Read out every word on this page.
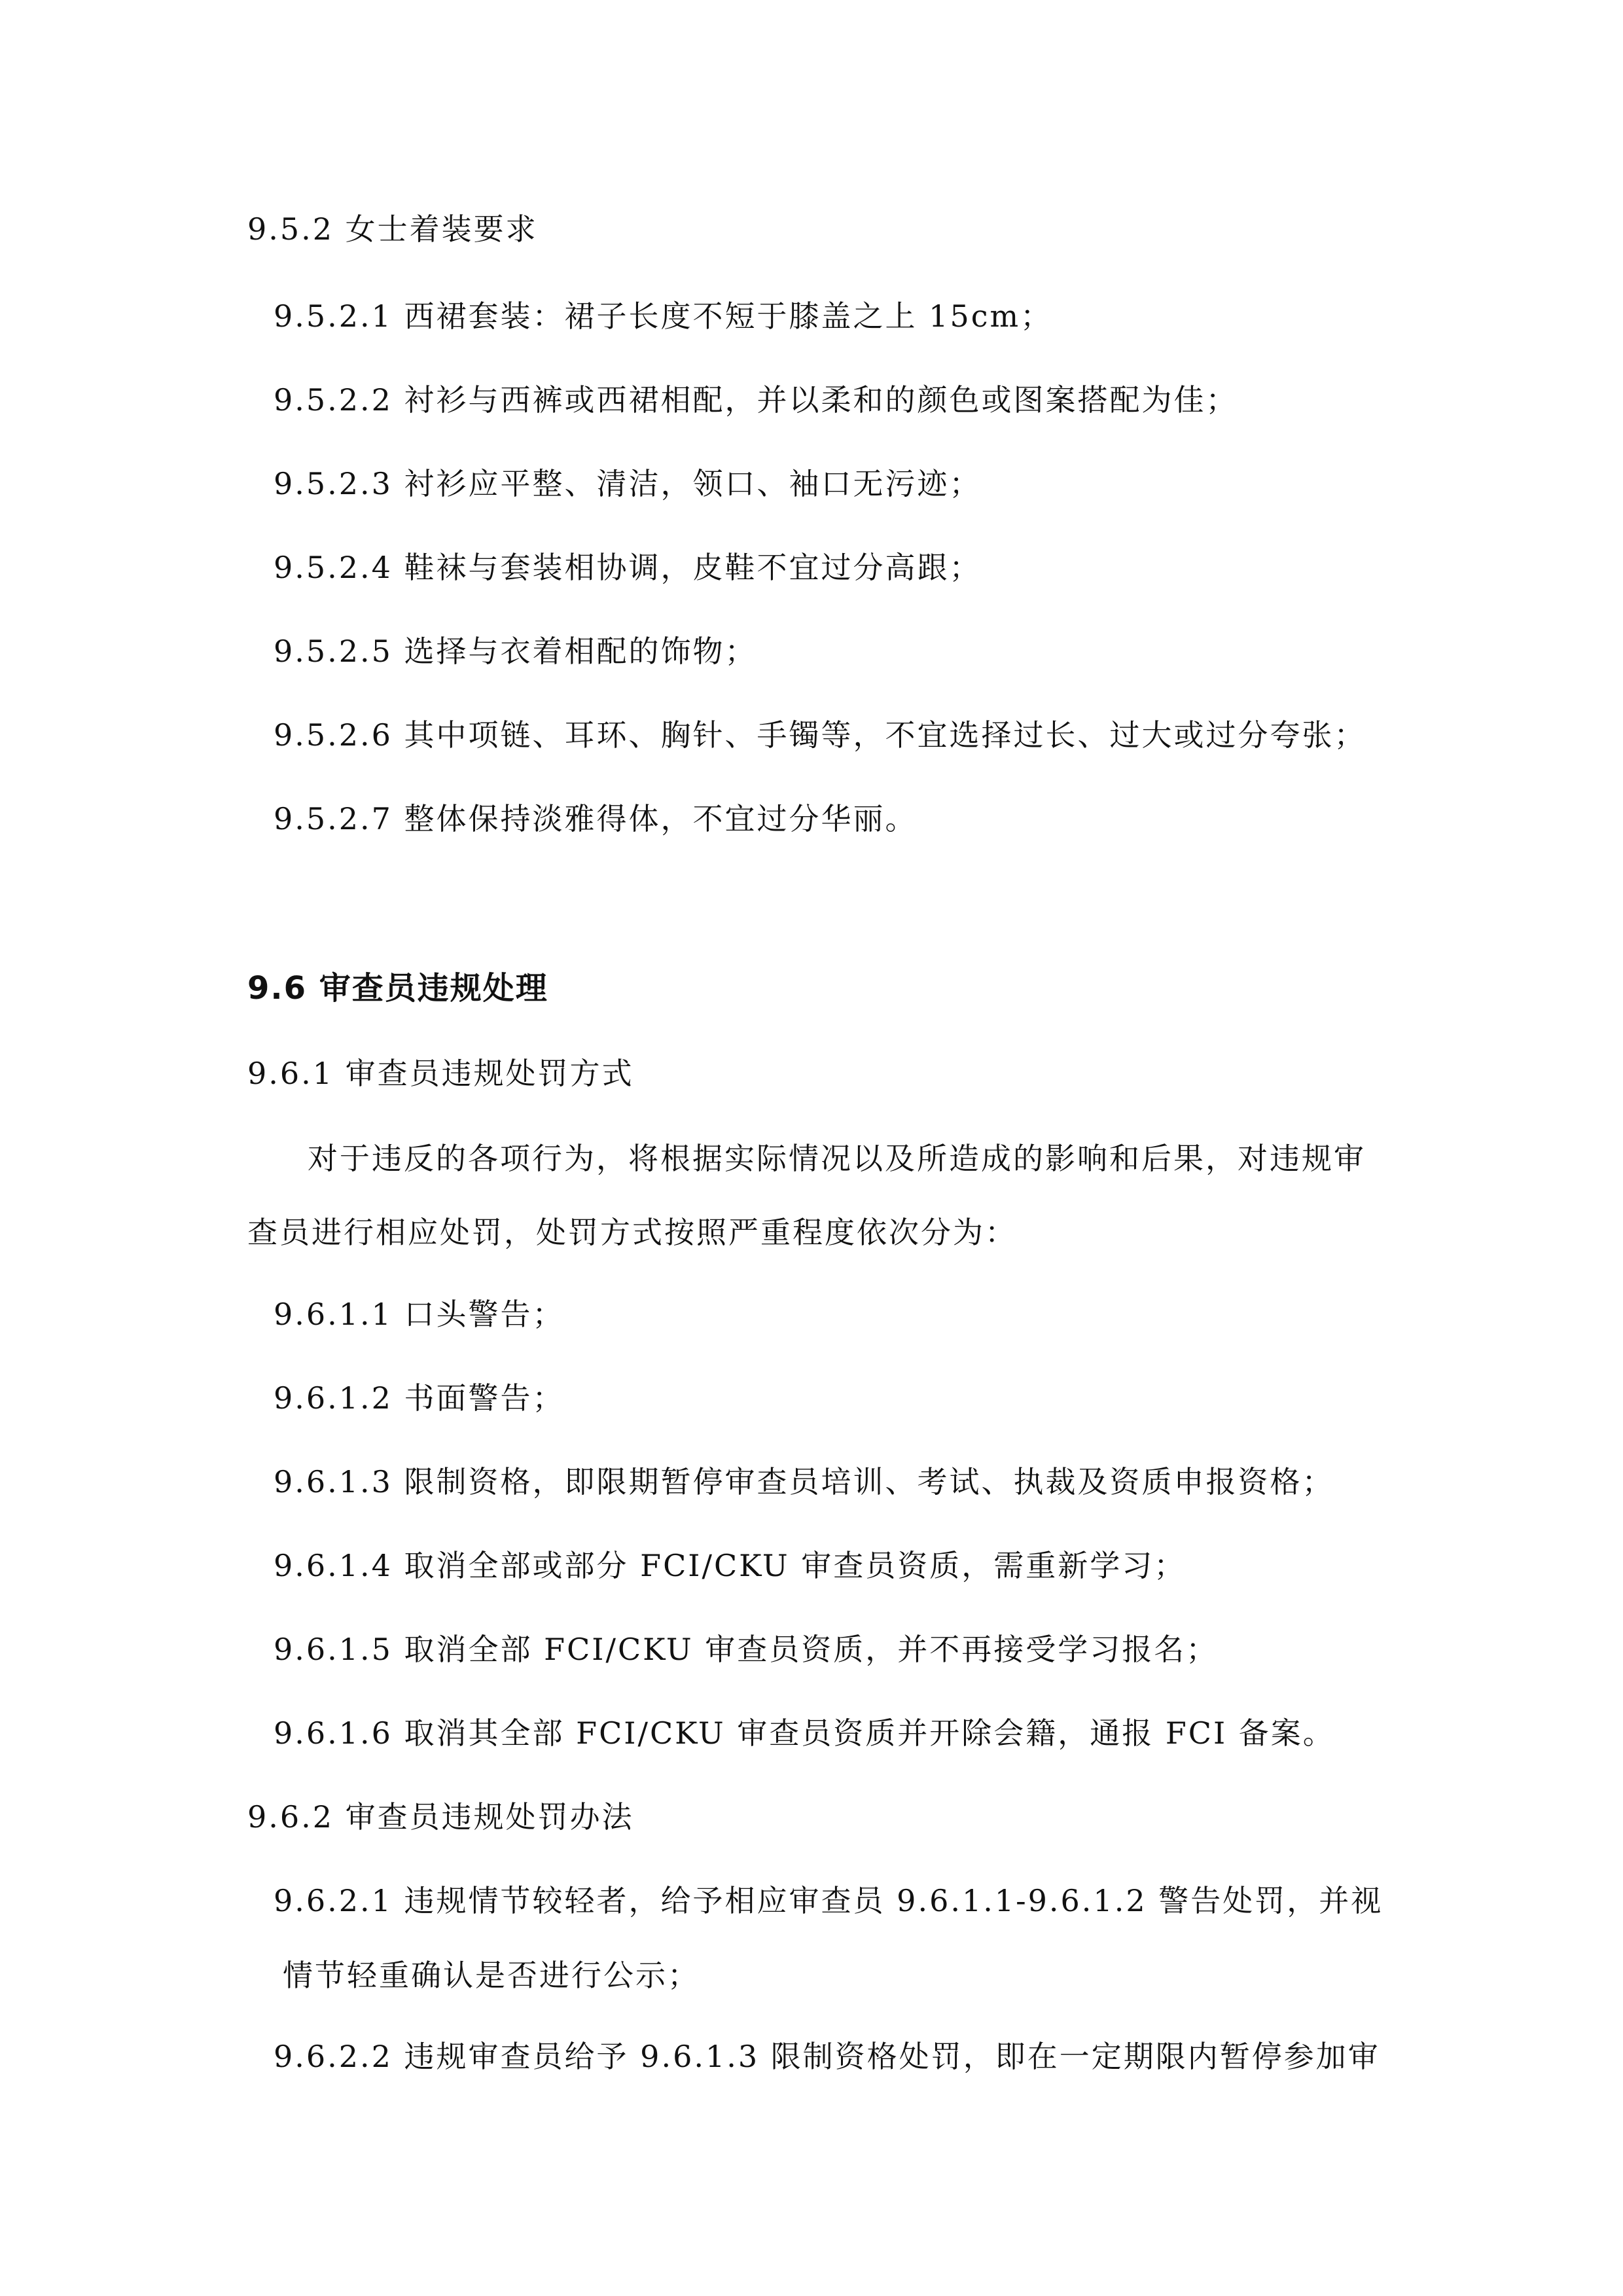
9.5.2 女士着装要求
9.5.2.1 西裙套装：裙子长度不短于膝盖之上 15cm；
9.5.2.2 衬衫与西裤或西裙相配，并以柔和的颜色或图案搭配为佳；
9.5.2.3 衬衫应平整、清洁，领口、袖口无污迹；
9.5.2.4 鞋袜与套装相协调，皮鞋不宜过分高跟；
9.5.2.5 选择与衣着相配的饰物；
9.5.2.6 其中项链、耳环、胸针、手镯等，不宜选择过长、过大或过分夸张；
9.5.2.7 整体保持淡雅得体，不宜过分华丽。
9.6 审查员违规处理
9.6.1 审查员违规处罚方式
对于违反的各项行为，将根据实际情况以及所造成的影响和后果，对违规审
查员进行相应处罚，处罚方式按照严重程度依次分为：
9.6.1.1 口头警告；
9.6.1.2 书面警告；
9.6.1.3 限制资格，即限期暂停审查员培训、考试、执裁及资质申报资格；
9.6.1.4 取消全部或部分 FCI/CKU 审查员资质，需重新学习；
9.6.1.5 取消全部 FCI/CKU 审查员资质，并不再接受学习报名；
9.6.1.6 取消其全部 FCI/CKU 审查员资质并开除会籍，通报 FCI 备案。
9.6.2 审查员违规处罚办法
9.6.2.1 违规情节较轻者，给予相应审查员 9.6.1.1-9.6.1.2 警告处罚，并视
情节轻重确认是否进行公示；
9.6.2.2 违规审查员给予 9.6.1.3 限制资格处罚，即在一定期限内暂停参加审
